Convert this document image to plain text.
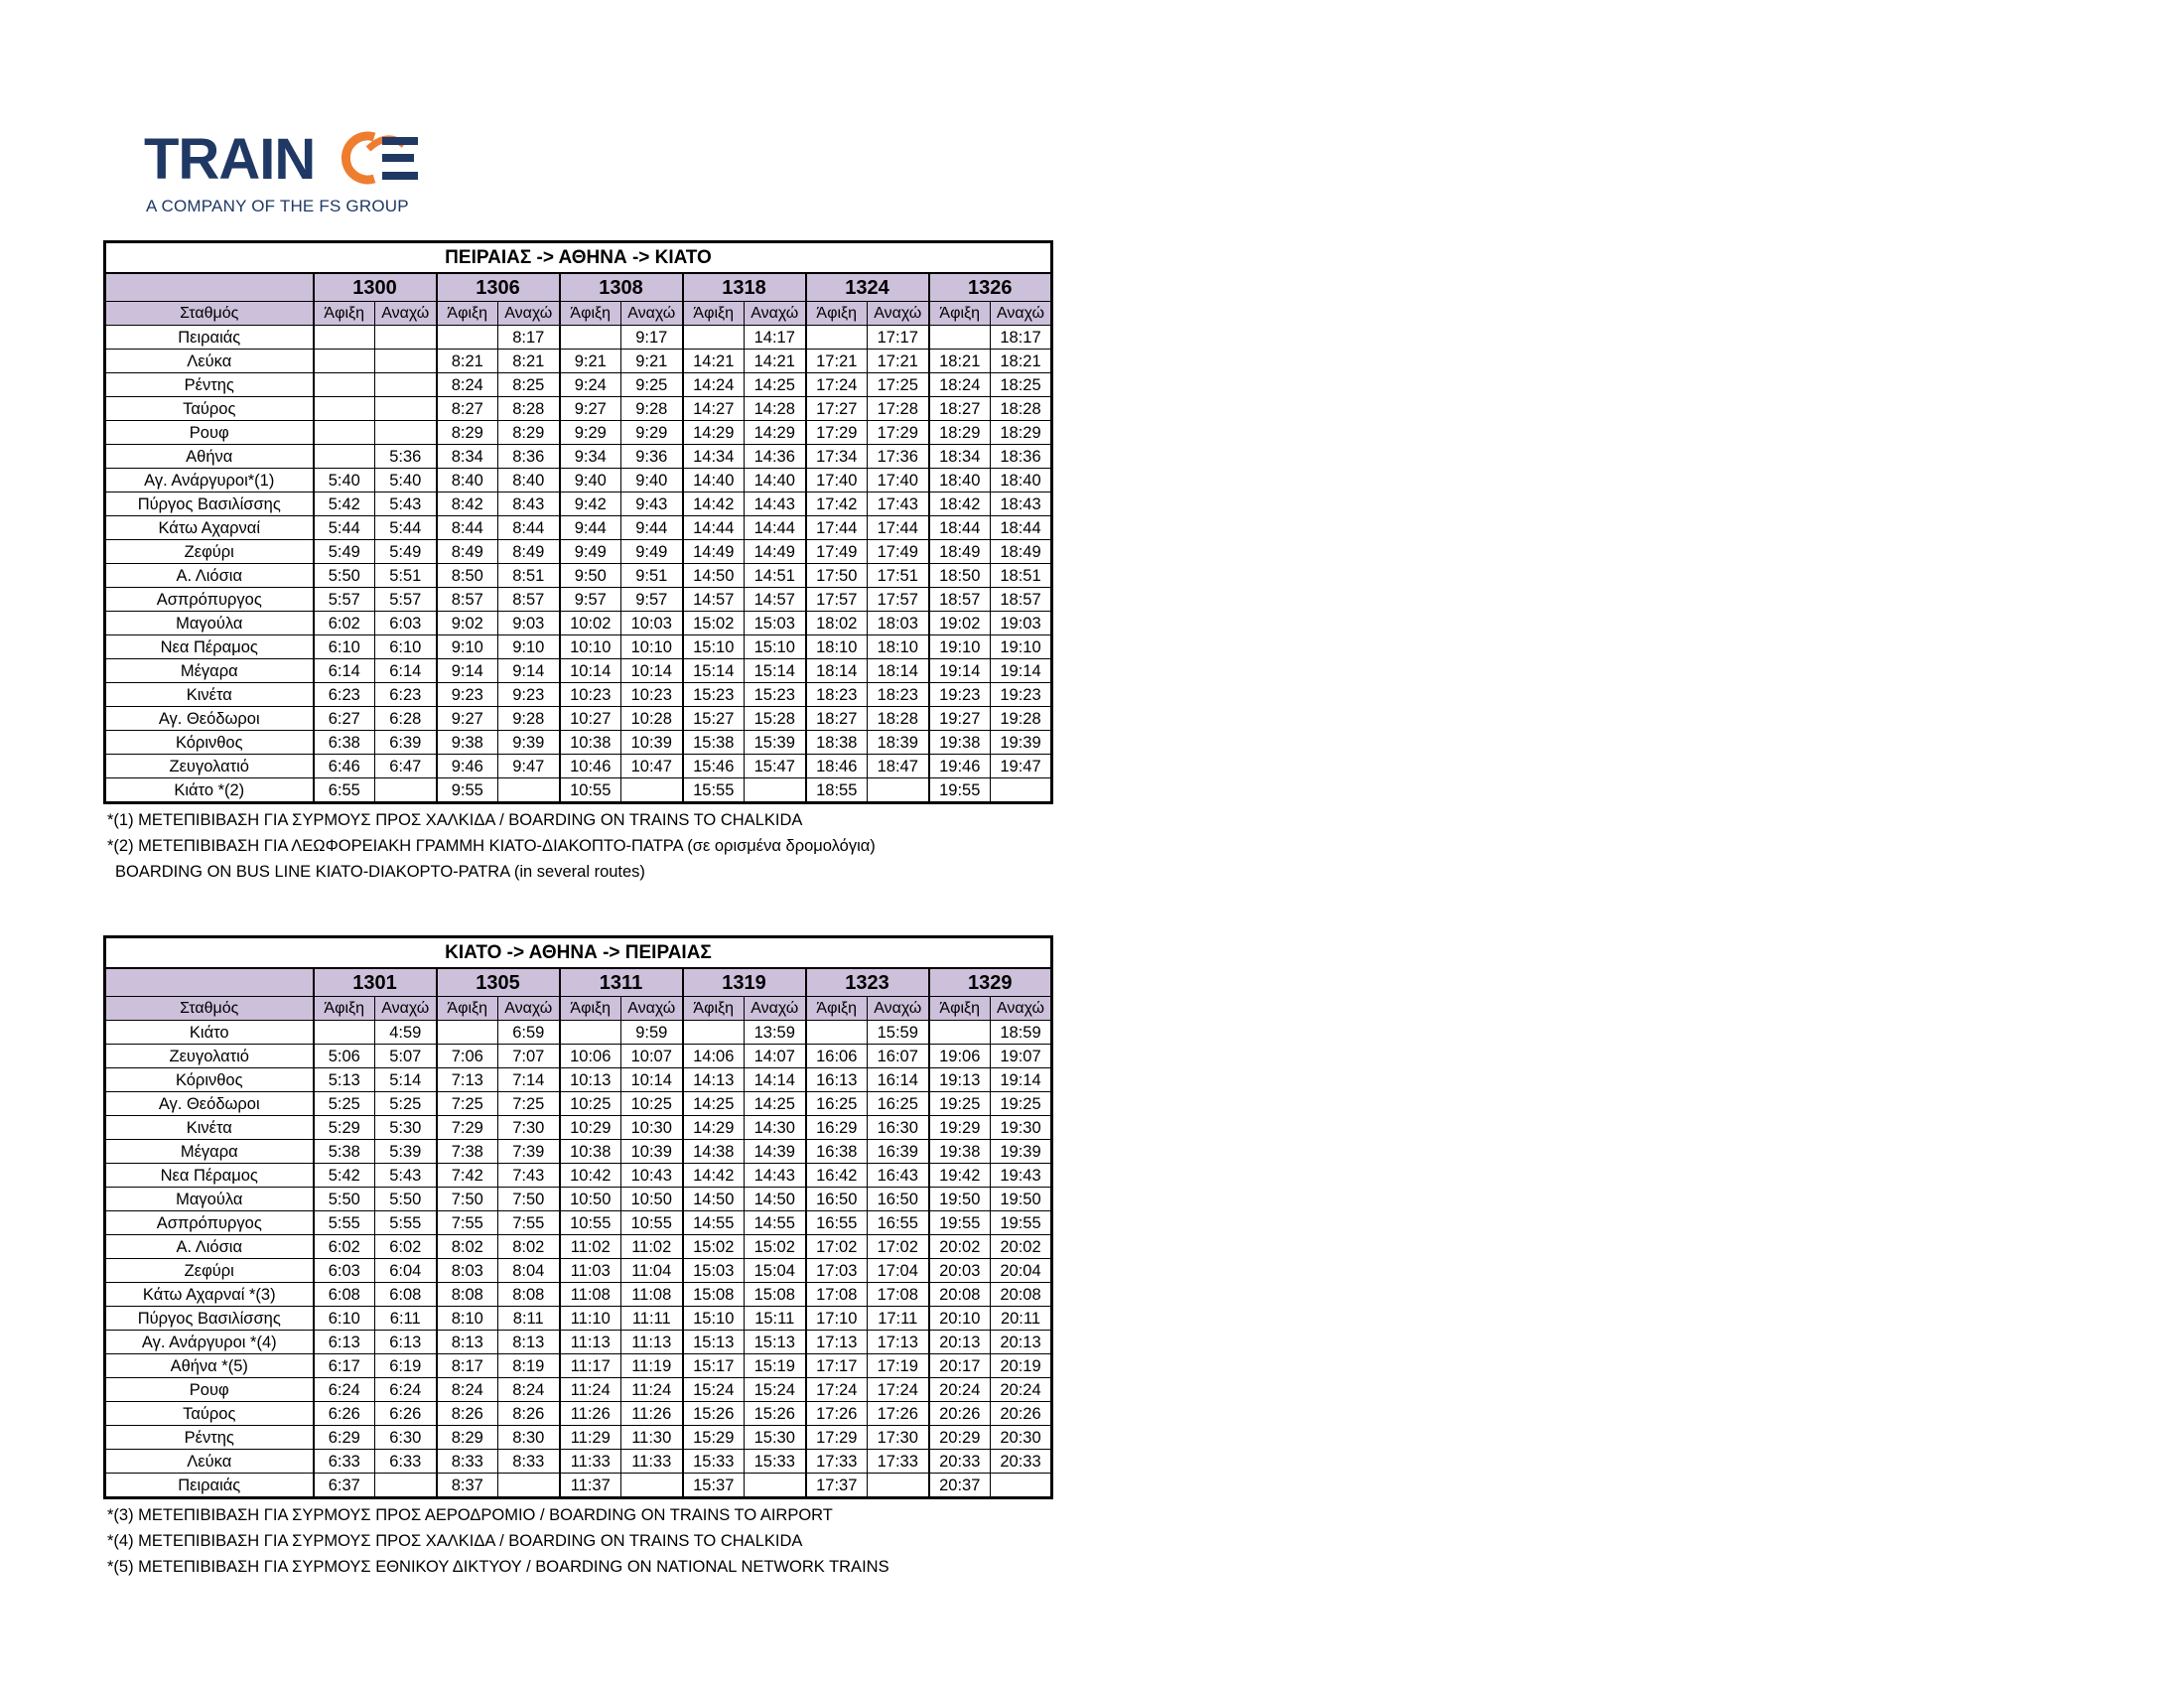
TRAIN
A COMPANY OF THE FS GROUP
ΠΕΙΡΑΙΑΣ -> ΑΘΗΝΑ -> ΚΙΑΤΟ												
	1300		1306		1308		1318		1324		1326	
Σταθμός	Άφιξη	Αναχώ	Άφιξη	Αναχώ	Άφιξη	Αναχώ	Άφιξη	Αναχώ	Άφιξη	Αναχώ	Άφιξη	Αναχώ
Πειραιάς				8:17		9:17		14:17		17:17		18:17
Λεύκα			8:21	8:21	9:21	9:21	14:21	14:21	17:21	17:21	18:21	18:21
Ρέντης			8:24	8:25	9:24	9:25	14:24	14:25	17:24	17:25	18:24	18:25
Ταύρος			8:27	8:28	9:27	9:28	14:27	14:28	17:27	17:28	18:27	18:28
Ρουφ			8:29	8:29	9:29	9:29	14:29	14:29	17:29	17:29	18:29	18:29
Αθήνα		5:36	8:34	8:36	9:34	9:36	14:34	14:36	17:34	17:36	18:34	18:36
Αγ. Ανάργυροι*(1)	5:40	5:40	8:40	8:40	9:40	9:40	14:40	14:40	17:40	17:40	18:40	18:40
Πύργος Βασιλίσσης	5:42	5:43	8:42	8:43	9:42	9:43	14:42	14:43	17:42	17:43	18:42	18:43
Κάτω Αχαρναί	5:44	5:44	8:44	8:44	9:44	9:44	14:44	14:44	17:44	17:44	18:44	18:44
Ζεφύρι	5:49	5:49	8:49	8:49	9:49	9:49	14:49	14:49	17:49	17:49	18:49	18:49
Α. Λιόσια	5:50	5:51	8:50	8:51	9:50	9:51	14:50	14:51	17:50	17:51	18:50	18:51
Ασπρόπυργος	5:57	5:57	8:57	8:57	9:57	9:57	14:57	14:57	17:57	17:57	18:57	18:57
Μαγούλα	6:02	6:03	9:02	9:03	10:02	10:03	15:02	15:03	18:02	18:03	19:02	19:03
Νεα Πέραμος	6:10	6:10	9:10	9:10	10:10	10:10	15:10	15:10	18:10	18:10	19:10	19:10
Μέγαρα	6:14	6:14	9:14	9:14	10:14	10:14	15:14	15:14	18:14	18:14	19:14	19:14
Κινέτα	6:23	6:23	9:23	9:23	10:23	10:23	15:23	15:23	18:23	18:23	19:23	19:23
Αγ. Θεόδωροι	6:27	6:28	9:27	9:28	10:27	10:28	15:27	15:28	18:27	18:28	19:27	19:28
Κόρινθος	6:38	6:39	9:38	9:39	10:38	10:39	15:38	15:39	18:38	18:39	19:38	19:39
Ζευγολατιό	6:46	6:47	9:46	9:47	10:46	10:47	15:46	15:47	18:46	18:47	19:46	19:47
Κιάτο *(2)	6:55		9:55		10:55		15:55		18:55		19:55	
*(1) ΜΕΤΕΠΙΒΙΒΑΣΗ ΓΙΑ ΣΥΡΜΟΥΣ ΠΡΟΣ ΧΑΛΚΙΔΑ / BOARDING ON TRAINS TO CHALKIDA
*(2) ΜΕΤΕΠΙΒΙΒΑΣΗ ΓΙΑ ΛΕΩΦΟΡΕΙΑΚΗ ΓΡΑΜΜΗ ΚΙΑΤΟ-ΔΙΑΚΟΠΤΟ-ΠΑΤΡΑ (σε ορισμένα δρομολόγια)
BOARDING ON BUS LINE KIATO-DIAKOPTO-PATRA (in several routes)
ΚΙΑΤΟ -> ΑΘΗΝΑ -> ΠΕΙΡΑΙΑΣ												
	1301		1305		1311		1319		1323		1329	
Σταθμός	Άφιξη	Αναχώ	Άφιξη	Αναχώ	Άφιξη	Αναχώ	Άφιξη	Αναχώ	Άφιξη	Αναχώ	Άφιξη	Αναχώ
Κιάτο		4:59		6:59		9:59		13:59		15:59		18:59
Ζευγολατιό	5:06	5:07	7:06	7:07	10:06	10:07	14:06	14:07	16:06	16:07	19:06	19:07
Κόρινθος	5:13	5:14	7:13	7:14	10:13	10:14	14:13	14:14	16:13	16:14	19:13	19:14
Αγ. Θεόδωροι	5:25	5:25	7:25	7:25	10:25	10:25	14:25	14:25	16:25	16:25	19:25	19:25
Κινέτα	5:29	5:30	7:29	7:30	10:29	10:30	14:29	14:30	16:29	16:30	19:29	19:30
Μέγαρα	5:38	5:39	7:38	7:39	10:38	10:39	14:38	14:39	16:38	16:39	19:38	19:39
Νεα Πέραμος	5:42	5:43	7:42	7:43	10:42	10:43	14:42	14:43	16:42	16:43	19:42	19:43
Μαγούλα	5:50	5:50	7:50	7:50	10:50	10:50	14:50	14:50	16:50	16:50	19:50	19:50
Ασπρόπυργος	5:55	5:55	7:55	7:55	10:55	10:55	14:55	14:55	16:55	16:55	19:55	19:55
Α. Λιόσια	6:02	6:02	8:02	8:02	11:02	11:02	15:02	15:02	17:02	17:02	20:02	20:02
Ζεφύρι	6:03	6:04	8:03	8:04	11:03	11:04	15:03	15:04	17:03	17:04	20:03	20:04
Κάτω Αχαρναί *(3)	6:08	6:08	8:08	8:08	11:08	11:08	15:08	15:08	17:08	17:08	20:08	20:08
Πύργος Βασιλίσσης	6:10	6:11	8:10	8:11	11:10	11:11	15:10	15:11	17:10	17:11	20:10	20:11
Αγ. Ανάργυροι *(4)	6:13	6:13	8:13	8:13	11:13	11:13	15:13	15:13	17:13	17:13	20:13	20:13
Αθήνα *(5)	6:17	6:19	8:17	8:19	11:17	11:19	15:17	15:19	17:17	17:19	20:17	20:19
Ρουφ	6:24	6:24	8:24	8:24	11:24	11:24	15:24	15:24	17:24	17:24	20:24	20:24
Ταύρος	6:26	6:26	8:26	8:26	11:26	11:26	15:26	15:26	17:26	17:26	20:26	20:26
Ρέντης	6:29	6:30	8:29	8:30	11:29	11:30	15:29	15:30	17:29	17:30	20:29	20:30
Λεύκα	6:33	6:33	8:33	8:33	11:33	11:33	15:33	15:33	17:33	17:33	20:33	20:33
Πειραιάς	6:37		8:37		11:37		15:37		17:37		20:37	
*(3) ΜΕΤΕΠΙΒΙΒΑΣΗ ΓΙΑ ΣΥΡΜΟΥΣ ΠΡΟΣ ΑΕΡΟΔΡΟΜΙΟ / BOARDING ON TRAINS TO AIRPORT
*(4) ΜΕΤΕΠΙΒΙΒΑΣΗ ΓΙΑ ΣΥΡΜΟΥΣ ΠΡΟΣ ΧΑΛΚΙΔΑ / BOARDING ON TRAINS TO CHALKIDA
*(5) ΜΕΤΕΠΙΒΙΒΑΣΗ ΓΙΑ ΣΥΡΜΟΥΣ ΕΘΝΙΚΟΥ ΔΙΚΤΥΟΥ / BOARDING ON NATIONAL NETWORK TRAINS
